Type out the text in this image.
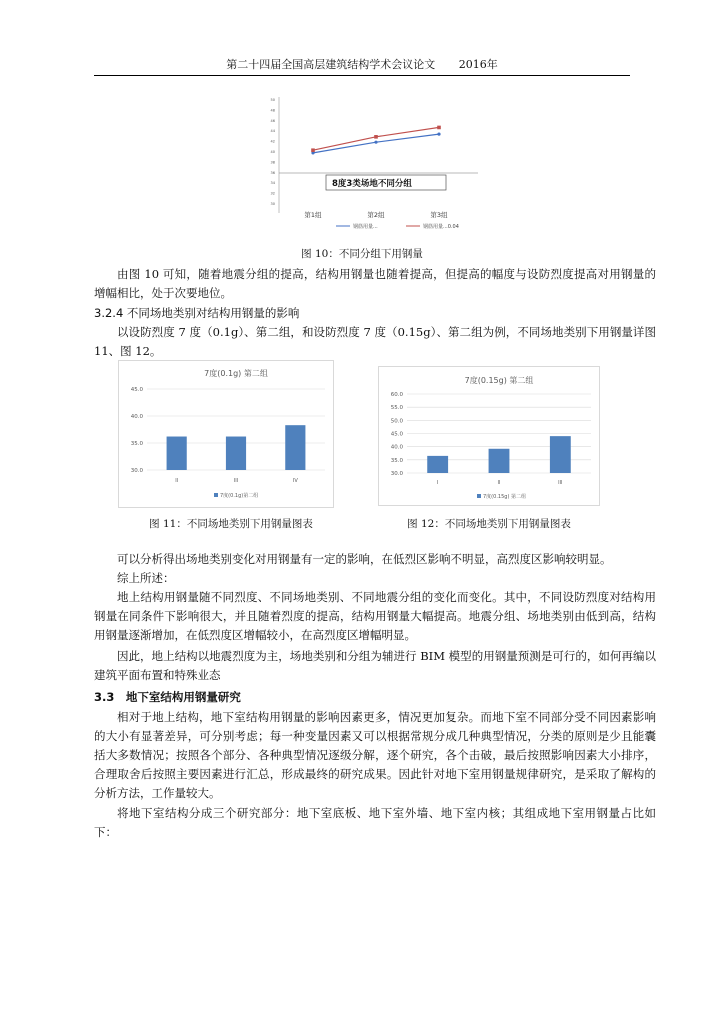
第二十四届全国高层建筑结构学术会议论文 2016年
50
48
46
44
42
40
38
36
34
32
30
第1组	第2组	第3组
8度3类场地不同分组
钢筋用量...	钢筋用量...0.04
图 10：不同分组下用钢量
由图 10 可知，随着地震分组的提高，结构用钢量也随着提高，但提高的幅度与设防烈度提高对用钢量的增幅相比，处于次要地位。
3.2.4 不同场地类别对结构用钢量的影响
以设防烈度 7 度（0.1g）、第二组，和设防烈度 7 度（0.15g）、第二组为例，不同场地类别下用钢量详图 11、图 12。
7度(0.1g) 第二组
45.0
40.0
35.0
30.0
II	III	IV
7度(0.1g)第二组
图 11：不同场地类别下用钢量图表
7度(0.15g) 第二组
60.0
55.0
50.0
45.0
40.0
35.0
30.0
I	II	III
7度(0.15g) 第二组
图 12：不同场地类别下用钢量图表
可以分析得出场地类别变化对用钢量有一定的影响，在低烈区影响不明显，高烈度区影响较明显。
综上所述：
地上结构用钢量随不同烈度、不同场地类别、不同地震分组的变化而变化。其中，不同设防烈度对结构用钢量在同条件下影响很大，并且随着烈度的提高，结构用钢量大幅提高。地震分组、场地类别由低到高，结构用钢量逐渐增加，在低烈度区增幅较小，在高烈度区增幅明显。
因此，地上结构以地震烈度为主，场地类别和分组为辅进行 BIM 模型的用钢量预测是可行的，如何再编以建筑平面布置和特殊业态
3.3　地下室结构用钢量研究
相对于地上结构，地下室结构用钢量的影响因素更多，情况更加复杂。而地下室不同部分受不同因素影响的大小有显著差异，可分别考虑；每一种变量因素又可以根据常规分成几种典型情况，分类的原则是少且能囊括大多数情况；按照各个部分、各种典型情况逐级分解，逐个研究，各个击破，最后按照影响因素大小排序，合理取舍后按照主要因素进行汇总，形成最终的研究成果。因此针对地下室用钢量规律研究，是采取了解构的分析方法，工作量较大。
将地下室结构分成三个研究部分：地下室底板、地下室外墙、地下室内核；其组成地下室用钢量占比如下：
